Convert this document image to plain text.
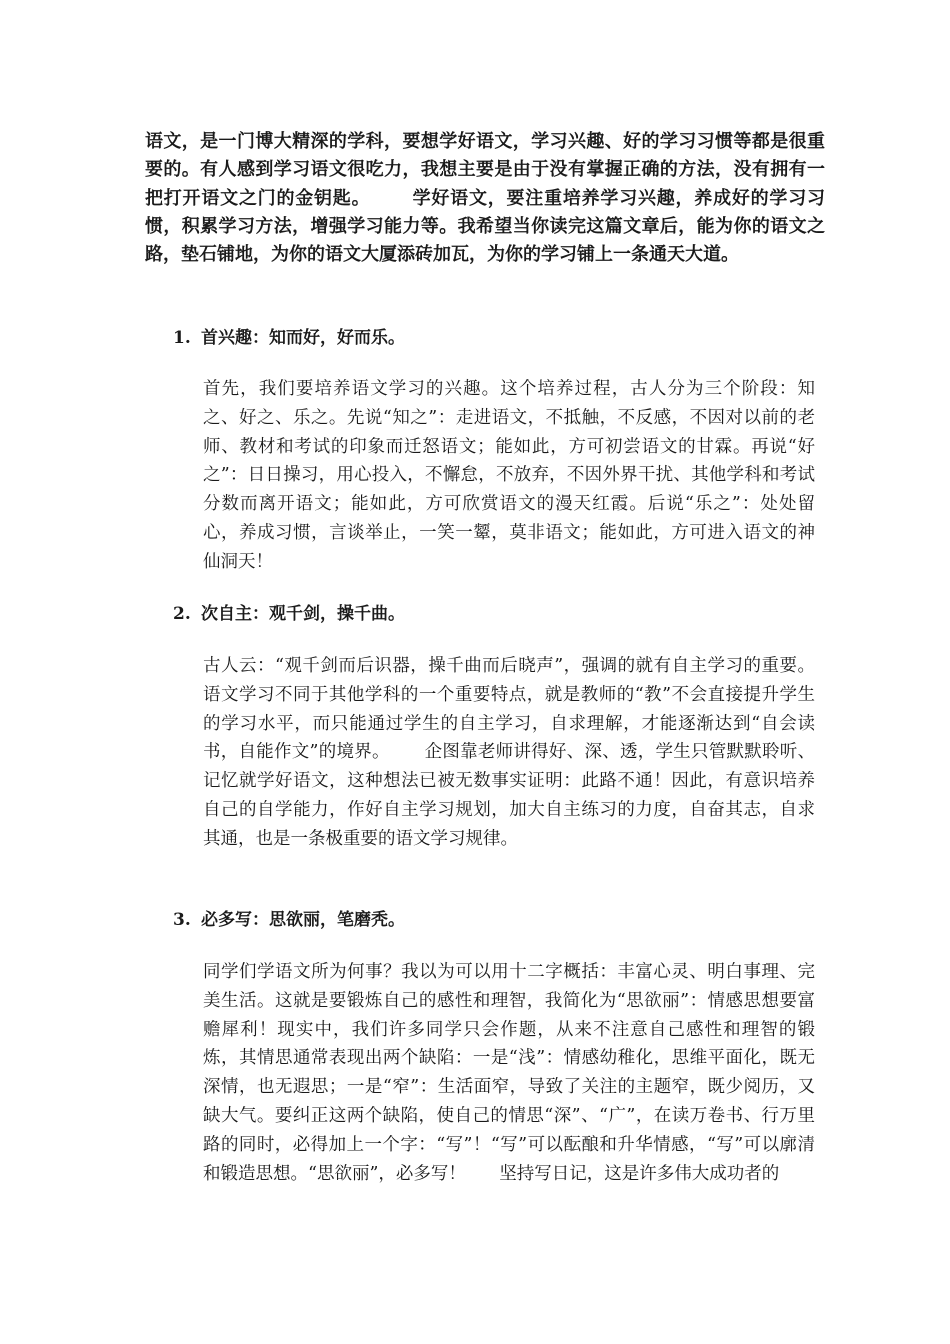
语文，是一门博大精深的学科，要想学好语文，学习兴趣、好的学习习惯等都是很重要的。有人感到学习语文很吃力，我想主要是由于没有掌握正确的方法，没有拥有一把打开语文之门的金钥匙。      学好语文，要注重培养学习兴趣，养成好的学习习惯，积累学习方法，增强学习能力等。我希望当你读完这篇文章后，能为你的语文之路，垫石铺地，为你的语文大厦添砖加瓦，为你的学习铺上一条通天大道。
1. 首兴趣：知而好，好而乐。
首先，我们要培养语文学习的兴趣。这个培养过程，古人分为三个阶段：知之、好之、乐之。先说“知之”：走进语文，不抵触，不反感，不因对以前的老师、教材和考试的印象而迁怒语文；能如此，方可初尝语文的甘霖。再说“好之”：日日操习，用心投入，不懈怠，不放弃，不因外界干扰、其他学科和考试分数而离开语文；能如此，方可欣赏语文的漫天红霞。后说“乐之”：处处留心，养成习惯，言谈举止，一笑一颦，莫非语文；能如此，方可进入语文的神仙洞天！
2. 次自主：观千剑，操千曲。
古人云：“观千剑而后识器，操千曲而后晓声”，强调的就有自主学习的重要。语文学习不同于其他学科的一个重要特点，就是教师的“教”不会直接提升学生的学习水平，而只能通过学生的自主学习，自求理解，才能逐渐达到“自会读书，自能作文”的境界。      企图靠老师讲得好、深、透，学生只管默默聆听、记忆就学好语文，这种想法已被无数事实证明：此路不通！因此，有意识培养自己的自学能力，作好自主学习规划，加大自主练习的力度，自奋其志，自求其通，也是一条极重要的语文学习规律。
3. 必多写：思欲丽，笔磨秃。
同学们学语文所为何事？我以为可以用十二字概括：丰富心灵、明白事理、完美生活。这就是要锻炼自己的感性和理智，我简化为“思欲丽”：情感思想要富赡犀利！现实中，我们许多同学只会作题，从来不注意自己感性和理智的锻炼，其情思通常表现出两个缺陷：一是“浅”：情感幼稚化，思维平面化，既无深情，也无遐思；一是“窄”：生活面窄，导致了关注的主题窄，既少阅历，又缺大气。要纠正这两个缺陷，使自己的情思“深”、“广”，在读万卷书、行万里路的同时，必得加上一个字：“写”！“写”可以酝酿和升华情感，“写”可以廓清和锻造思想。“思欲丽”，必多写！      坚持写日记，这是许多伟大成功者的
